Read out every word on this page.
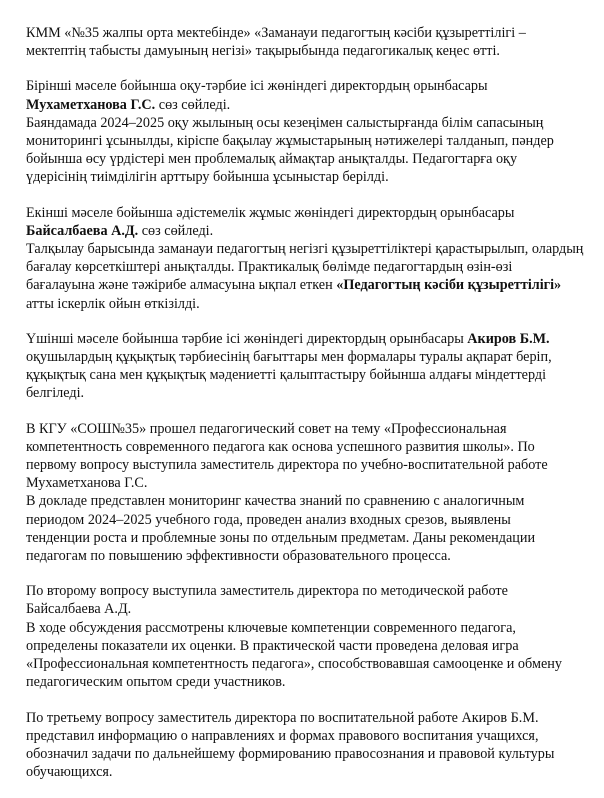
КММ «№35 жалпы орта мектебінде» «Заманауи педагогтың кәсіби құзыреттілігі –
мектептің табысты дамуының негізі» тақырыбында педагогикалық кеңес өтті.
Бірінші мәселе бойынша оқу-тәрбие ісі жөніндегі директордың орынбасары
Мухаметханова Г.С. сөз сөйледі.
Баяндамада 2024–2025 оқу жылының осы кезеңімен салыстырғанда білім сапасының
мониторингі ұсынылды, кіріспе бақылау жұмыстарының нәтижелері талданып, пәндер
бойынша өсу үрдістері мен проблемалық аймақтар анықталды. Педагогтарға оқу
үдерісінің тиімділігін арттыру бойынша ұсыныстар берілді.
Екінші мәселе бойынша әдістемелік жұмыс жөніндегі директордың орынбасары
Байсалбаева А.Д. сөз сөйледі.
Талқылау барысында заманауи педагогтың негізгі құзыреттіліктері қарастырылып, олардың
бағалау көрсеткіштері анықталды. Практикалық бөлімде педагогтардың өзін-өзі
бағалауына және тәжірибе алмасуына ықпал еткен «Педагогтың кәсіби құзыреттілігі»
атты іскерлік ойын өткізілді.
Үшінші мәселе бойынша тәрбие ісі жөніндегі директордың орынбасары Акиров Б.М.
оқушылардың құқықтық тәрбиесінің бағыттары мен формалары туралы ақпарат беріп,
құқықтық сана мен құқықтық мәдениетті қалыптастыру бойынша алдағы міндеттерді
белгіледі.
В КГУ «СОШ№35» прошел педагогический совет на тему «Профессиональная
компетентность современного педагога как основа успешного развития школы». По
первому вопросу выступила заместитель директора по учебно-воспитательной работе
Мухаметханова Г.С.
В докладе представлен мониторинг качества знаний по сравнению с аналогичным
периодом 2024–2025 учебного года, проведен анализ входных срезов, выявлены
тенденции роста и проблемные зоны по отдельным предметам. Даны рекомендации
педагогам по повышению эффективности образовательного процесса.
По второму вопросу выступила заместитель директора по методической работе
Байсалбаева А.Д.
В ходе обсуждения рассмотрены ключевые компетенции современного педагога,
определены показатели их оценки. В практической части проведена деловая игра
«Профессиональная компетентность педагога», способствовавшая самооценке и обмену
педагогическим опытом среди участников.
По третьему вопросу заместитель директора по воспитательной работе Акиров Б.М.
представил информацию о направлениях и формах правового воспитания учащихся,
обозначил задачи по дальнейшему формированию правосознания и правовой культуры
обучающихся.
